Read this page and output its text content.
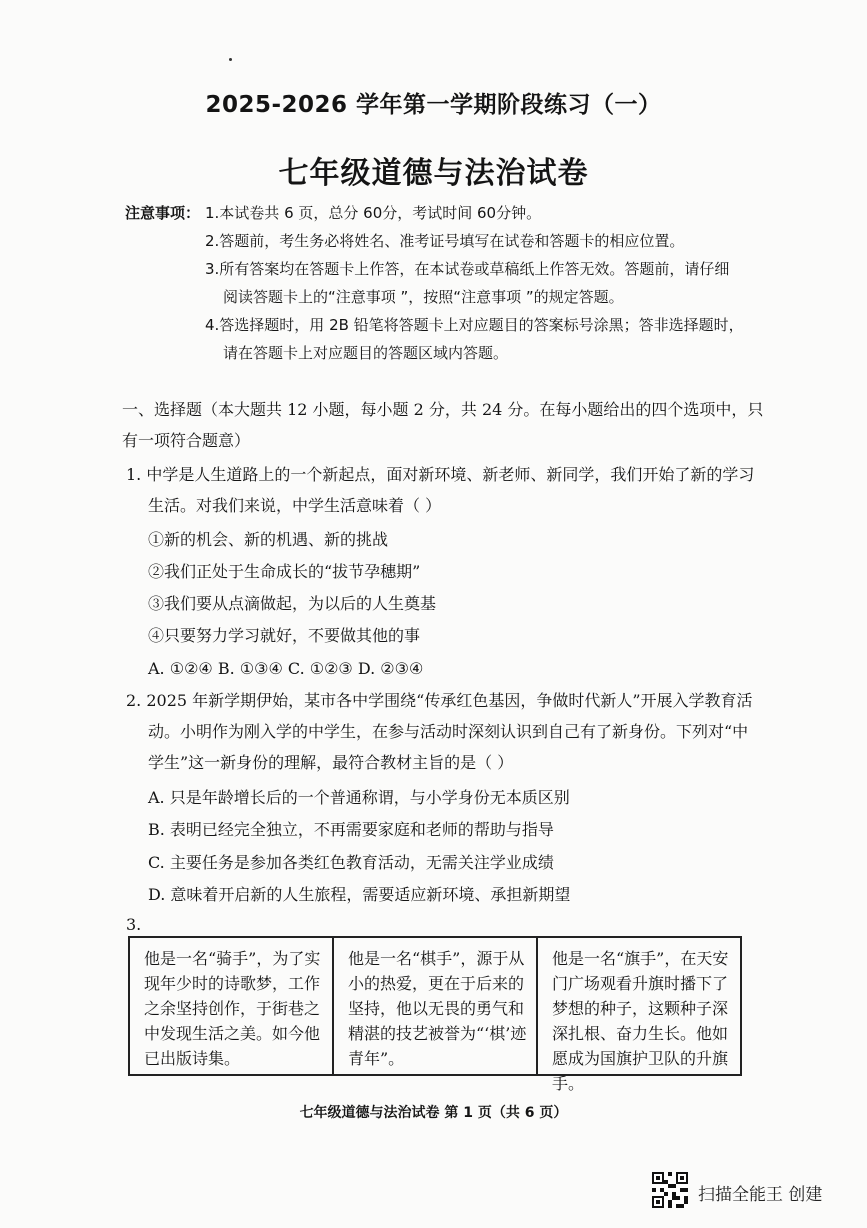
2025-2026 学年第一学期阶段练习（一）
七年级道德与法治试卷
注意事项： 1.本试卷共 6 页，总分 60分，考试时间 60分钟。
2.答题前，考生务必将姓名、准考证号填写在试卷和答题卡的相应位置。
3.所有答案均在答题卡上作答，在本试卷或草稿纸上作答无效。答题前，请仔细
阅读答题卡上的“注意事项 ”，按照“注意事项 ”的规定答题。
4.答选择题时，用 2B 铅笔将答题卡上对应题目的答案标号涂黑；答非选择题时，
请在答题卡上对应题目的答题区域内答题。
一、选择题（本大题共 12 小题，每小题 2 分，共 24 分。在每小题给出的四个选项中，只
有一项符合题意）
1. 中学是人生道路上的一个新起点，面对新环境、新老师、新同学，我们开始了新的学习
生活。对我们来说，中学生活意味着（ ）
①新的机会、新的机遇、新的挑战
②我们正处于生命成长的“拔节孕穗期”
③我们要从点滴做起，为以后的人生奠基
④只要努力学习就好，不要做其他的事
A. ①②④ B. ①③④ C. ①②③ D. ②③④
2. 2025 年新学期伊始，某市各中学围绕“传承红色基因，争做时代新人”开展入学教育活
动。小明作为刚入学的中学生，在参与活动时深刻认识到自己有了新身份。下列对“中
学生”这一新身份的理解，最符合教材主旨的是（ ）
A. 只是年龄增长后的一个普通称谓，与小学身份无本质区别
B. 表明已经完全独立，不再需要家庭和老师的帮助与指导
C. 主要任务是参加各类红色教育活动，无需关注学业成绩
D. 意味着开启新的人生旅程，需要适应新环境、承担新期望
3.
他是一名“骑手”，为了实现年少时的诗歌梦，工作之余坚持创作，于街巷之中发现生活之美。如今他已出版诗集。
他是一名“棋手”，源于从小的热爱，更在于后来的坚持，他以无畏的勇气和精湛的技艺被誉为“‘棋’迹青年”。
他是一名“旗手”，在天安门广场观看升旗时播下了梦想的种子，这颗种子深深扎根、奋力生长。他如愿成为国旗护卫队的升旗手。
七年级道德与法治试卷 第 1 页（共 6 页）
扫描全能王 创建
